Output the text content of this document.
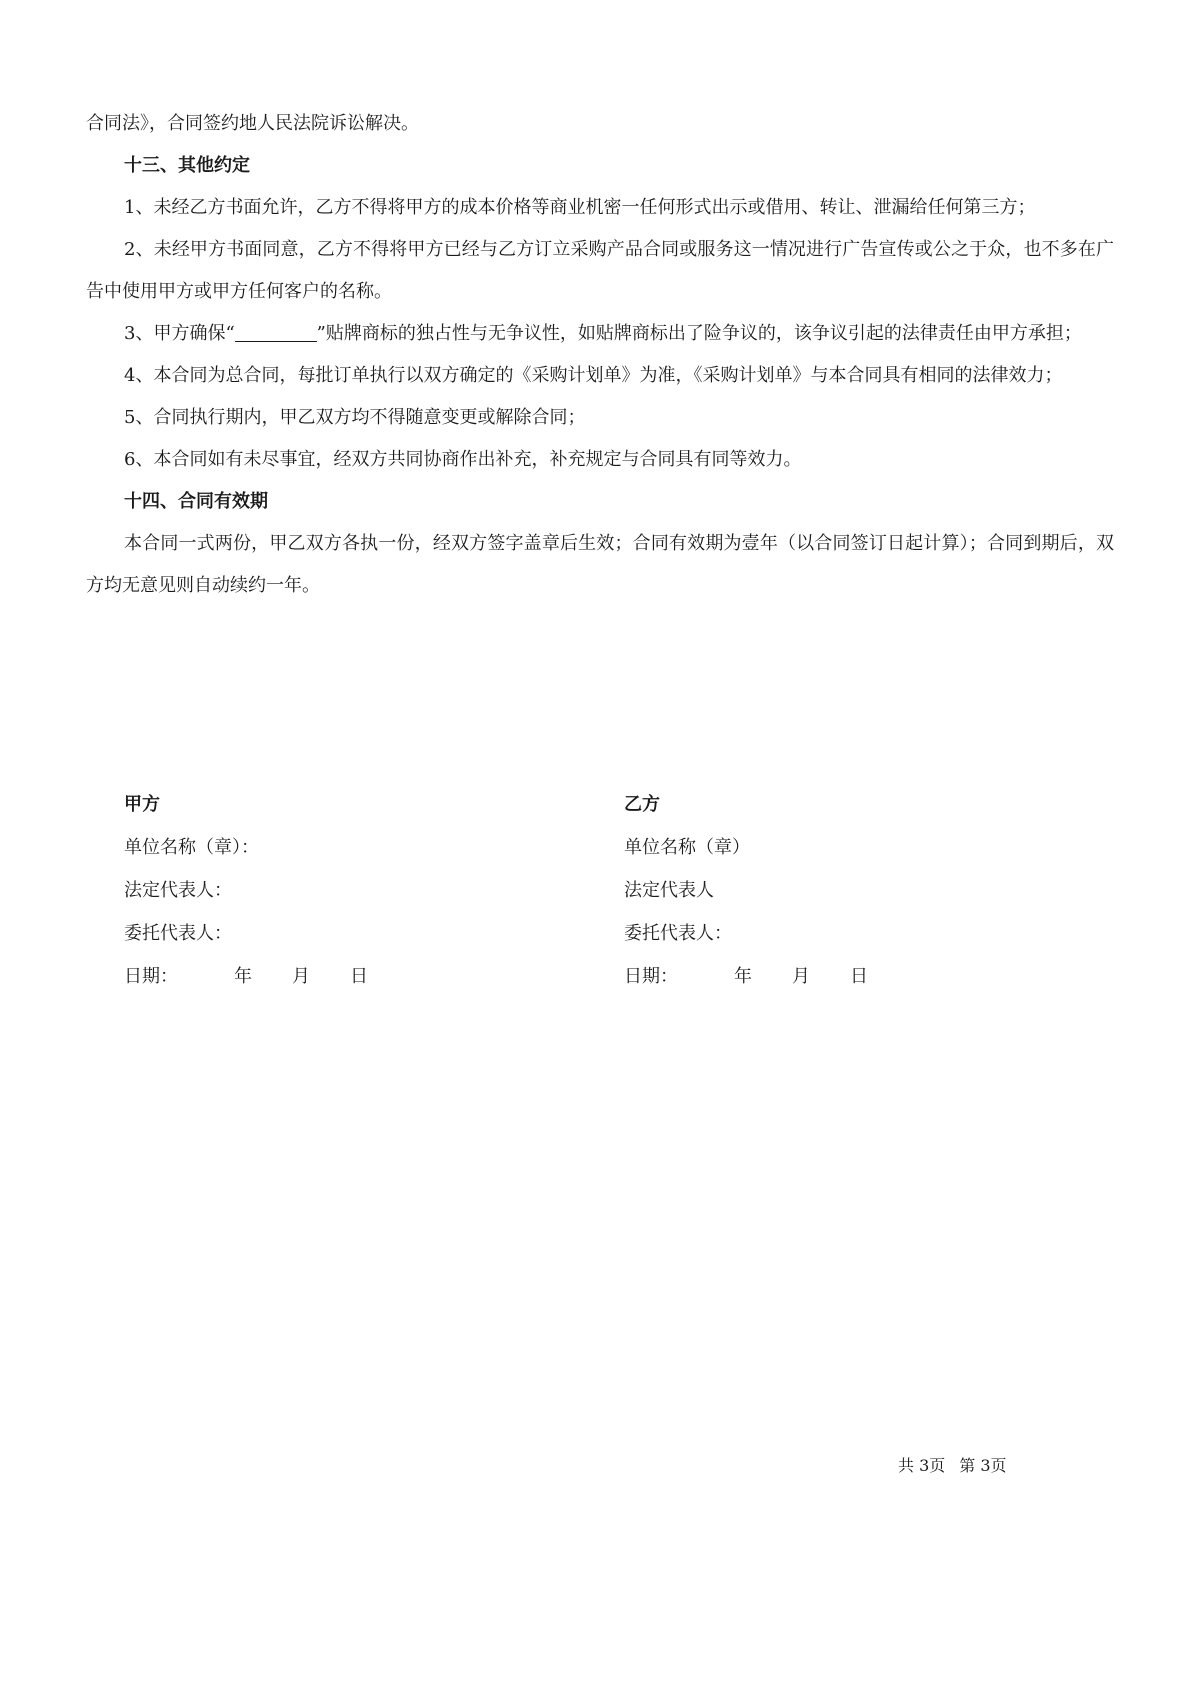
合同法》，合同签约地人民法院诉讼解决。

十三、其他约定

1、未经乙方书面允许，乙方不得将甲方的成本价格等商业机密一任何形式出示或借用、转让、泄漏给任何第三方；

2、未经甲方书面同意，乙方不得将甲方已经与乙方订立采购产品合同或服务这一情况进行广告宣传或公之于众，也不多在广告中使用甲方或甲方任何客户的名称。

3、甲方确保“	”贴牌商标的独占性与无争议性，如贴牌商标出了险争议的，该争议引起的法律责任由甲方承担；

4、本合同为总合同，每批订单执行以双方确定的《采购计划单》为准，《采购计划单》与本合同具有相同的法律效力；

5、合同执行期内，甲乙双方均不得随意变更或解除合同；

6、本合同如有未尽事宜，经双方共同协商作出补充，补充规定与合同具有同等效力。

十四、合同有效期

本合同一式两份，甲乙双方各执一份，经双方签字盖章后生效；合同有效期为壹年（以合同签订日起计算）；合同到期后，双方均无意见则自动续约一年。

甲方

单位名称（章）：

法定代表人：

委托代表人：

日期：	年 月 日

乙方

单位名称（章）

法定代表人

委托代表人：

日期：	年 月 日

共 3页 第 3页
